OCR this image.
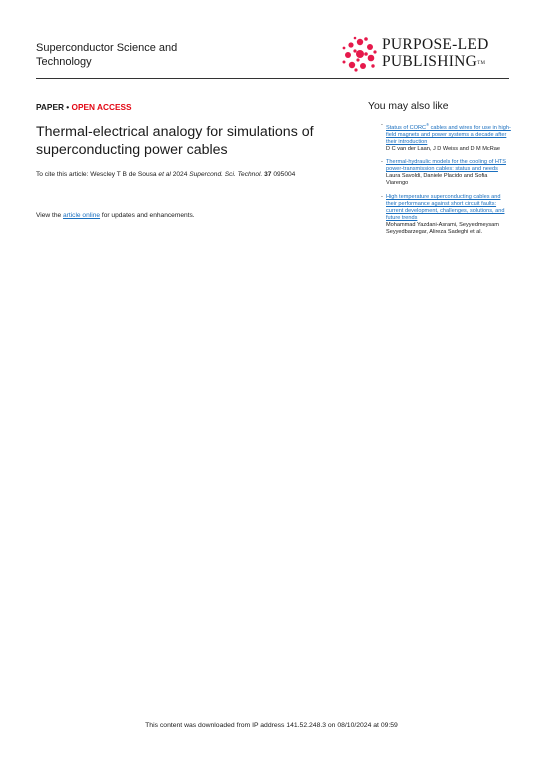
Superconductor Science and
Technology
PURPOSE-LED
PUBLISHING™
PAPER • OPEN ACCESS
Thermal-electrical analogy for simulations of superconducting power cables
To cite this article: Wescley T B de Sousa et al 2024 Supercond. Sci. Technol. 37 095004
View the article online for updates and enhancements.
You may also like
- Status of CORC® cables and wires for use in high-field magnets and power systems a decade after their introduction
D C van der Laan, J D Weiss and D M McRae
- Thermal-hydraulic models for the cooling of HTS power-transmission cables: status and needs
Laura Savoldi, Daniele Placido and Sofia Viarengo
- High temperature superconducting cables and their performance against short circuit faults: current development, challenges, solutions, and future trends
Mohammad Yazdani-Asrami, Seyyedmeysam Seyyedbarzegar, Alireza Sadeghi et al.
This content was downloaded from IP address 141.52.248.3 on 08/10/2024 at 09:59
